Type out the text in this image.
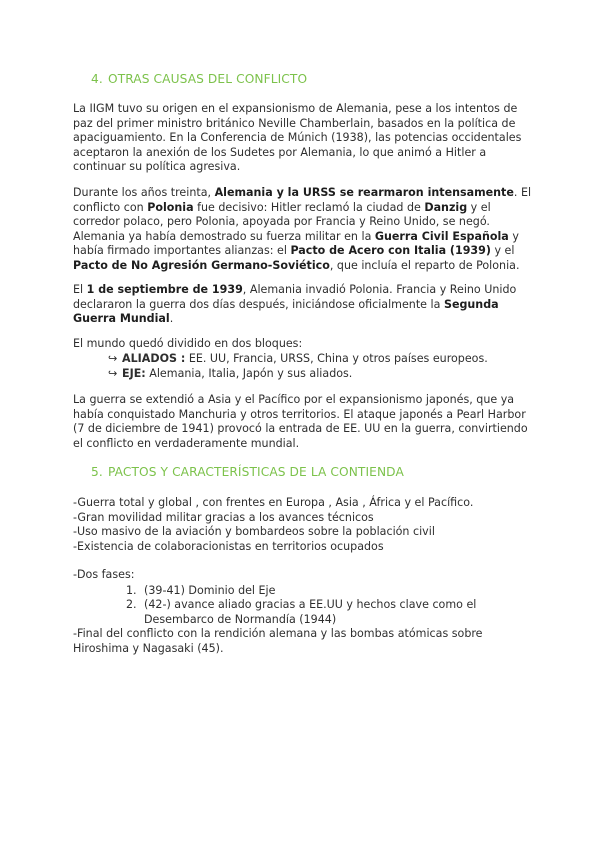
4. OTRAS CAUSAS DEL CONFLICTO

La IIGM tuvo su origen en el expansionismo de Alemania, pese a los intentos de paz del primer ministro británico Neville Chamberlain, basados en la política de apaciguamiento. En la Conferencia de Múnich (1938), las potencias occidentales aceptaron la anexión de los Sudetes por Alemania, lo que animó a Hitler a continuar su política agresiva.

Durante los años treinta, Alemania y la URSS se rearmaron intensamente. El conflicto con Polonia fue decisivo: Hitler reclamó la ciudad de Danzig y el corredor polaco, pero Polonia, apoyada por Francia y Reino Unido, se negó. Alemania ya había demostrado su fuerza militar en la Guerra Civil Española y había firmado importantes alianzas: el Pacto de Acero con Italia (1939) y el Pacto de No Agresión Germano-Soviético, que incluía el reparto de Polonia.

El 1 de septiembre de 1939, Alemania invadió Polonia. Francia y Reino Unido declararon la guerra dos días después, iniciándose oficialmente la Segunda Guerra Mundial.

El mundo quedó dividido en dos bloques:

↪ ALIADOS : EE. UU, Francia, URSS, China y otros países europeos.
↪ EJE: Alemania, Italia, Japón y sus aliados.

La guerra se extendió a Asia y el Pacífico por el expansionismo japonés, que ya había conquistado Manchuria y otros territorios. El ataque japonés a Pearl Harbor (7 de diciembre de 1941) provocó la entrada de EE. UU en la guerra, convirtiendo el conflicto en verdaderamente mundial.

5. PACTOS Y CARACTERÍSTICAS DE LA CONTIENDA
-Guerra total y global , con frentes en Europa , Asia , África y el Pacífico.
-Gran movilidad militar gracias a los avances técnicos
-Uso masivo de la aviación y bombardeos sobre la población civil
-Existencia de colaboracionistas en territorios ocupados

-Dos fases:

1. (39-41) Dominio del Eje
2. (42-) avance aliado gracias a EE.UU y hechos clave como el Desembarco de Normandía (1944)

-Final del conflicto con la rendición alemana y las bombas atómicas sobre Hiroshima y Nagasaki (45).
